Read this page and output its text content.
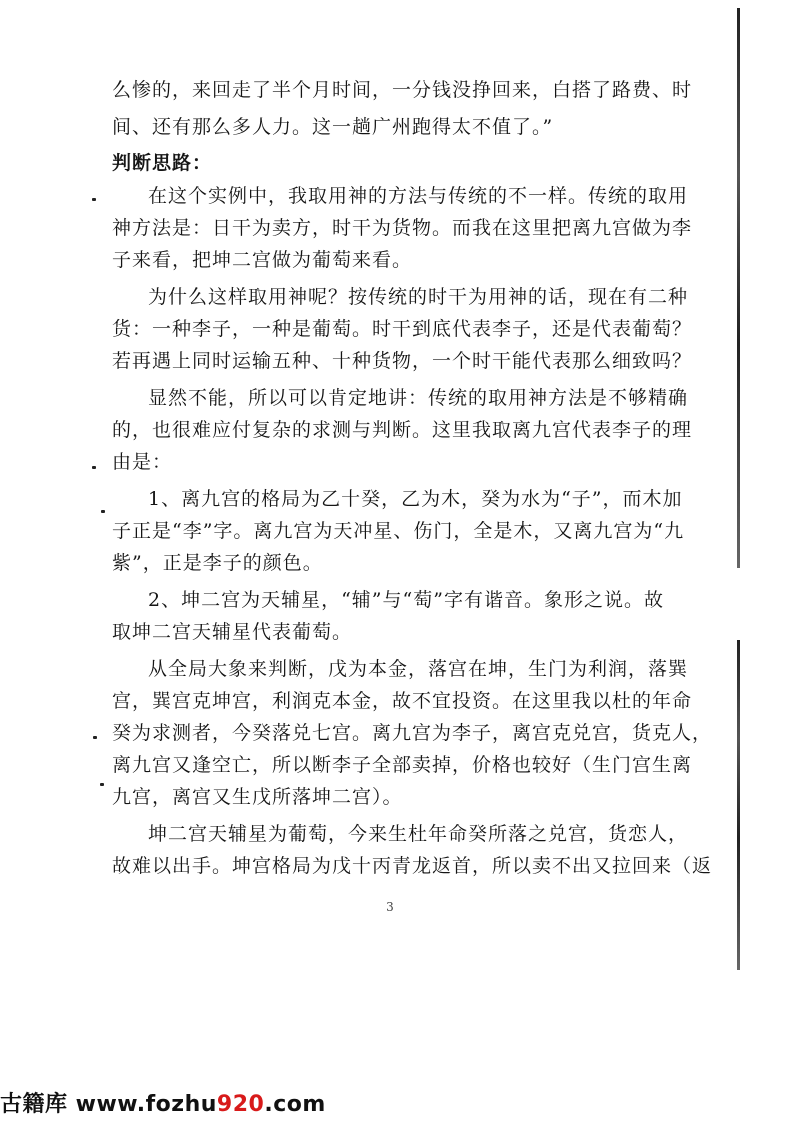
么惨的，来回走了半个月时间，一分钱没挣回来，白搭了路费、时
间、还有那么多人力。这一趟广州跑得太不值了。”
判断思路：
在这个实例中，我取用神的方法与传统的不一样。传统的取用
神方法是：日干为卖方，时干为货物。而我在这里把离九宫做为李
子来看，把坤二宫做为葡萄来看。
为什么这样取用神呢？按传统的时干为用神的话，现在有二种
货：一种李子，一种是葡萄。时干到底代表李子，还是代表葡萄？
若再遇上同时运输五种、十种货物，一个时干能代表那么细致吗？
显然不能，所以可以肯定地讲：传统的取用神方法是不够精确
的，也很难应付复杂的求测与判断。这里我取离九宫代表李子的理
由是：
1、离九宫的格局为乙十癸，乙为木，癸为水为“子”，而木加
子正是“李”字。离九宫为天冲星、伤门，全是木，又离九宫为“九
紫”，正是李子的颜色。
2、坤二宫为天辅星，“辅”与“萄”字有谐音。象形之说。故
取坤二宫天辅星代表葡萄。
从全局大象来判断，戊为本金，落宫在坤，生门为利润，落巽
宫，巽宫克坤宫，利润克本金，故不宜投资。在这里我以杜的年命
癸为求测者，今癸落兑七宫。离九宫为李子，离宫克兑宫，货克人，
离九宫又逢空亡，所以断李子全部卖掉，价格也较好（生门宫生离
九宫，离宫又生戊所落坤二宫）。
坤二宫天辅星为葡萄，今来生杜年命癸所落之兑宫，货恋人，
故难以出手。坤宫格局为戊十丙青龙返首，所以卖不出又拉回来（返
3
古籍库 www.fozhu920.com
